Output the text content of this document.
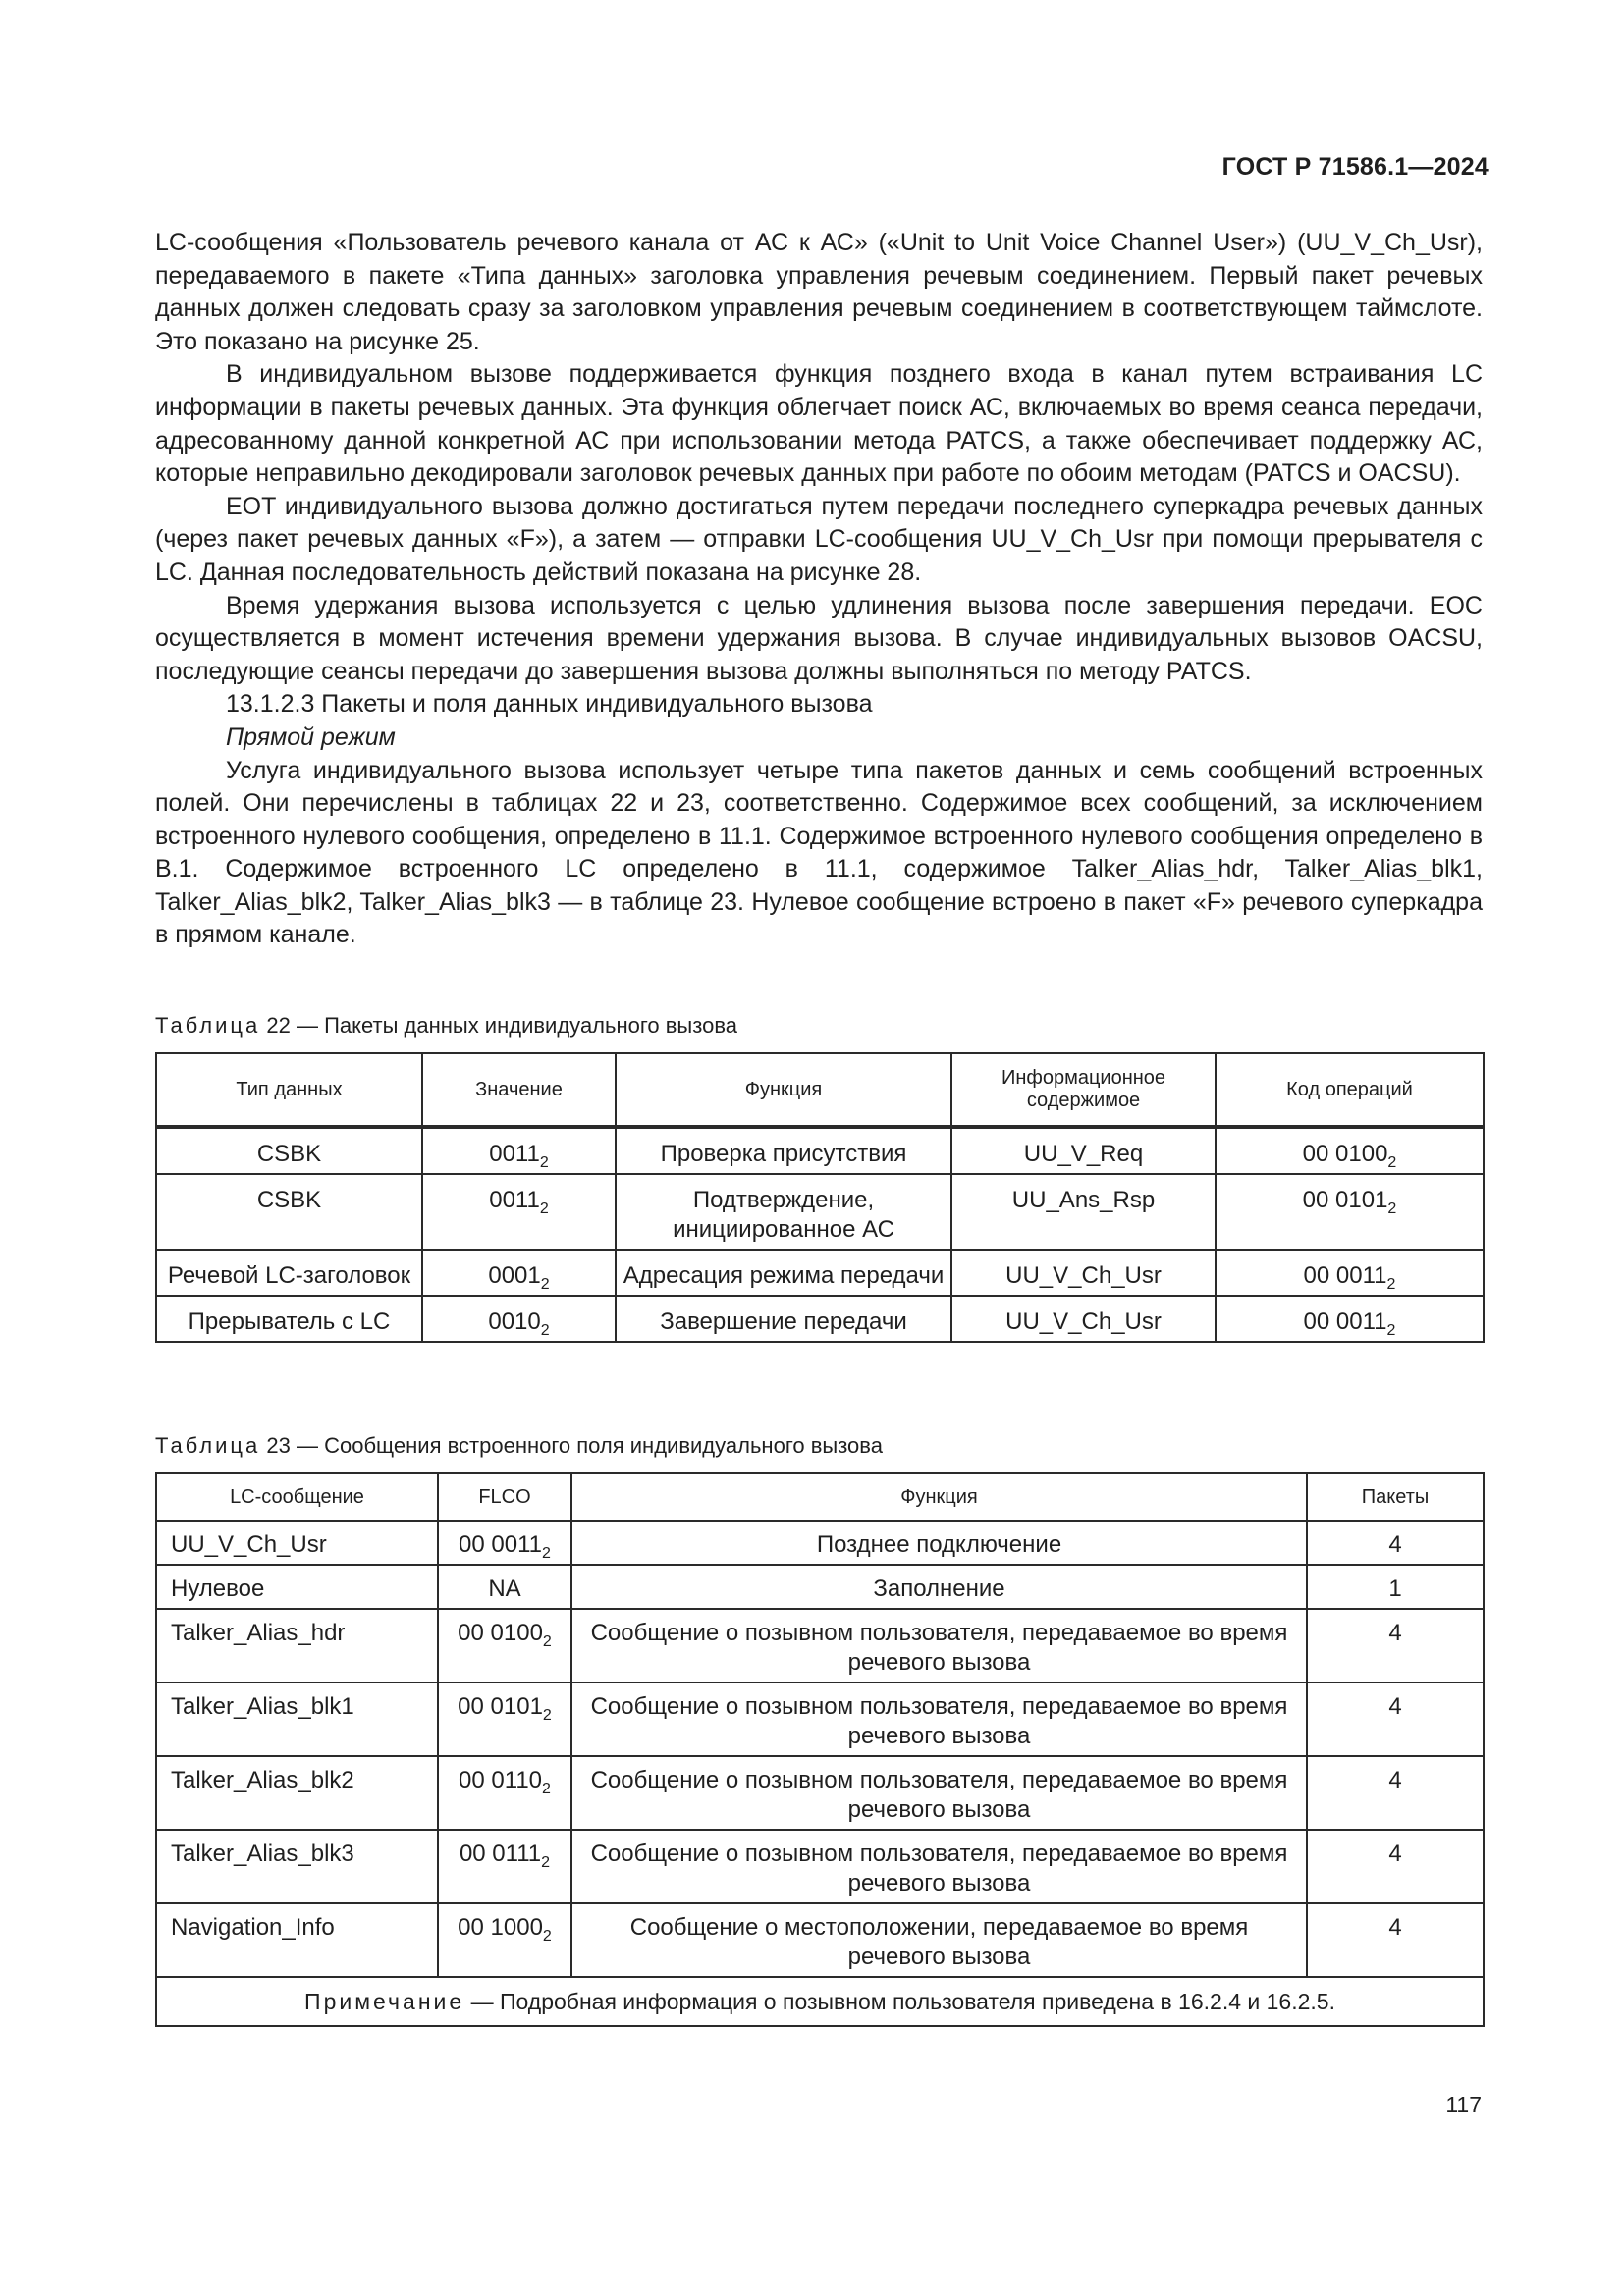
ГОСТ Р 71586.1—2024

LC-сообщения «Пользователь речевого канала от АС к АС» («Unit to Unit Voice Channel User») (UU_V_Ch_Usr), передаваемого в пакете «Типа данных» заголовка управления речевым соединением. Первый пакет речевых данных должен следовать сразу за заголовком управления речевым соединением в соответствующем таймслоте. Это показано на рисунке 25.

В индивидуальном вызове поддерживается функция позднего входа в канал путем встраивания LC информации в пакеты речевых данных. Эта функция облегчает поиск АС, включаемых во время сеанса передачи, адресованному данной конкретной АС при использовании метода PATCS, а также обеспечивает поддержку АС, которые неправильно декодировали заголовок речевых данных при работе по обоим методам (PATCS и OACSU).

EOT индивидуального вызова должно достигаться путем передачи последнего суперкадра речевых данных (через пакет речевых данных «F»), а затем — отправки LC-сообщения UU_V_Ch_Usr при помощи прерывателя с LC. Данная последовательность действий показана на рисунке 28.

Время удержания вызова используется с целью удлинения вызова после завершения передачи. EOC осуществляется в момент истечения времени удержания вызова. В случае индивидуальных вызовов OACSU, последующие сеансы передачи до завершения вызова должны выполняться по методу PATCS.

13.1.2.3 Пакеты и поля данных индивидуального вызова

Прямой режим

Услуга индивидуального вызова использует четыре типа пакетов данных и семь сообщений встроенных полей. Они перечислены в таблицах 22 и 23, соответственно. Содержимое всех сообщений, за исключением встроенного нулевого сообщения, определено в 11.1. Содержимое встроенного нулевого сообщения определено в B.1. Содержимое встроенного LC определено в 11.1, содержимое Talker_Alias_hdr, Talker_Alias_blk1, Talker_Alias_blk2, Talker_Alias_blk3 — в таблице 23. Нулевое сообщение встроено в пакет «F» речевого суперкадра в прямом канале.

Таблица 22 — Пакеты данных индивидуального вызова
Тип данных	Значение	Функция	Информационное содержимое	Код операций
CSBK	$0011_2$	Проверка присутствия	UU_V_Req	00 $0100_2$
CSBK	$0011_2$	Подтверждение, инициированное АС	UU_Ans_Rsp	00 $0101_2$
Речевой LC-заголовок	$0001_2$	Адресация режима передачи	UU_V_Ch_Usr	00 $0011_2$
Прерыватель с LC	$0010_2$	Завершение передачи	UU_V_Ch_Usr	00 $0011_2$
Таблица 23 — Сообщения встроенного поля индивидуального вызова
LC-сообщение	FLCO	Функция	Пакеты
UU_V_Ch_Usr	00 $0011_2$	Позднее подключение	4
Нулевое	NA	Заполнение	1
Talker_Alias_hdr	00 $0100_2$	Сообщение о позывном пользователя, передаваемое во время речевого вызова	4
Talker_Alias_blk1	00 $0101_2$	Сообщение о позывном пользователя, передаваемое во время речевого вызова	4
Talker_Alias_blk2	00 $0110_2$	Сообщение о позывном пользователя, передаваемое во время речевого вызова	4
Talker_Alias_blk3	00 $0111_2$	Сообщение о позывном пользователя, передаваемое во время речевого вызова	4
Navigation_Info	00 $1000_2$	Сообщение о местоположении, передаваемое во время речевого вызова	4
Примечание — Подробная информация о позывном пользователя приведена в 16.2.4 и 16.2.5.			
117
